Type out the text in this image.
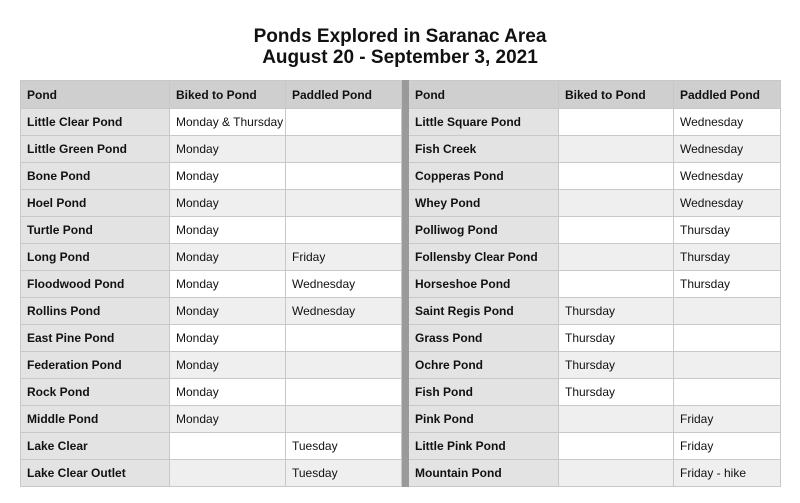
Ponds Explored in Saranac Area
August 20 - September 3, 2021
Pond	Biked to Pond	Paddled Pond		Pond	Biked to Pond	Paddled Pond
Little Clear Pond	Monday & Thursday			Little Square Pond		Wednesday
Little Green Pond	Monday			Fish Creek		Wednesday
Bone Pond	Monday			Copperas Pond		Wednesday
Hoel Pond	Monday			Whey Pond		Wednesday
Turtle Pond	Monday			Polliwog Pond		Thursday
Long Pond	Monday	Friday		Follensby Clear Pond		Thursday
Floodwood Pond	Monday	Wednesday		Horseshoe Pond		Thursday
Rollins Pond	Monday	Wednesday		Saint Regis Pond	Thursday	
East Pine Pond	Monday			Grass Pond	Thursday	
Federation Pond	Monday			Ochre Pond	Thursday	
Rock Pond	Monday			Fish Pond	Thursday	
Middle Pond	Monday			Pink Pond		Friday
Lake Clear		Tuesday		Little Pink Pond		Friday
Lake Clear Outlet		Tuesday		Mountain Pond		Friday - hike
